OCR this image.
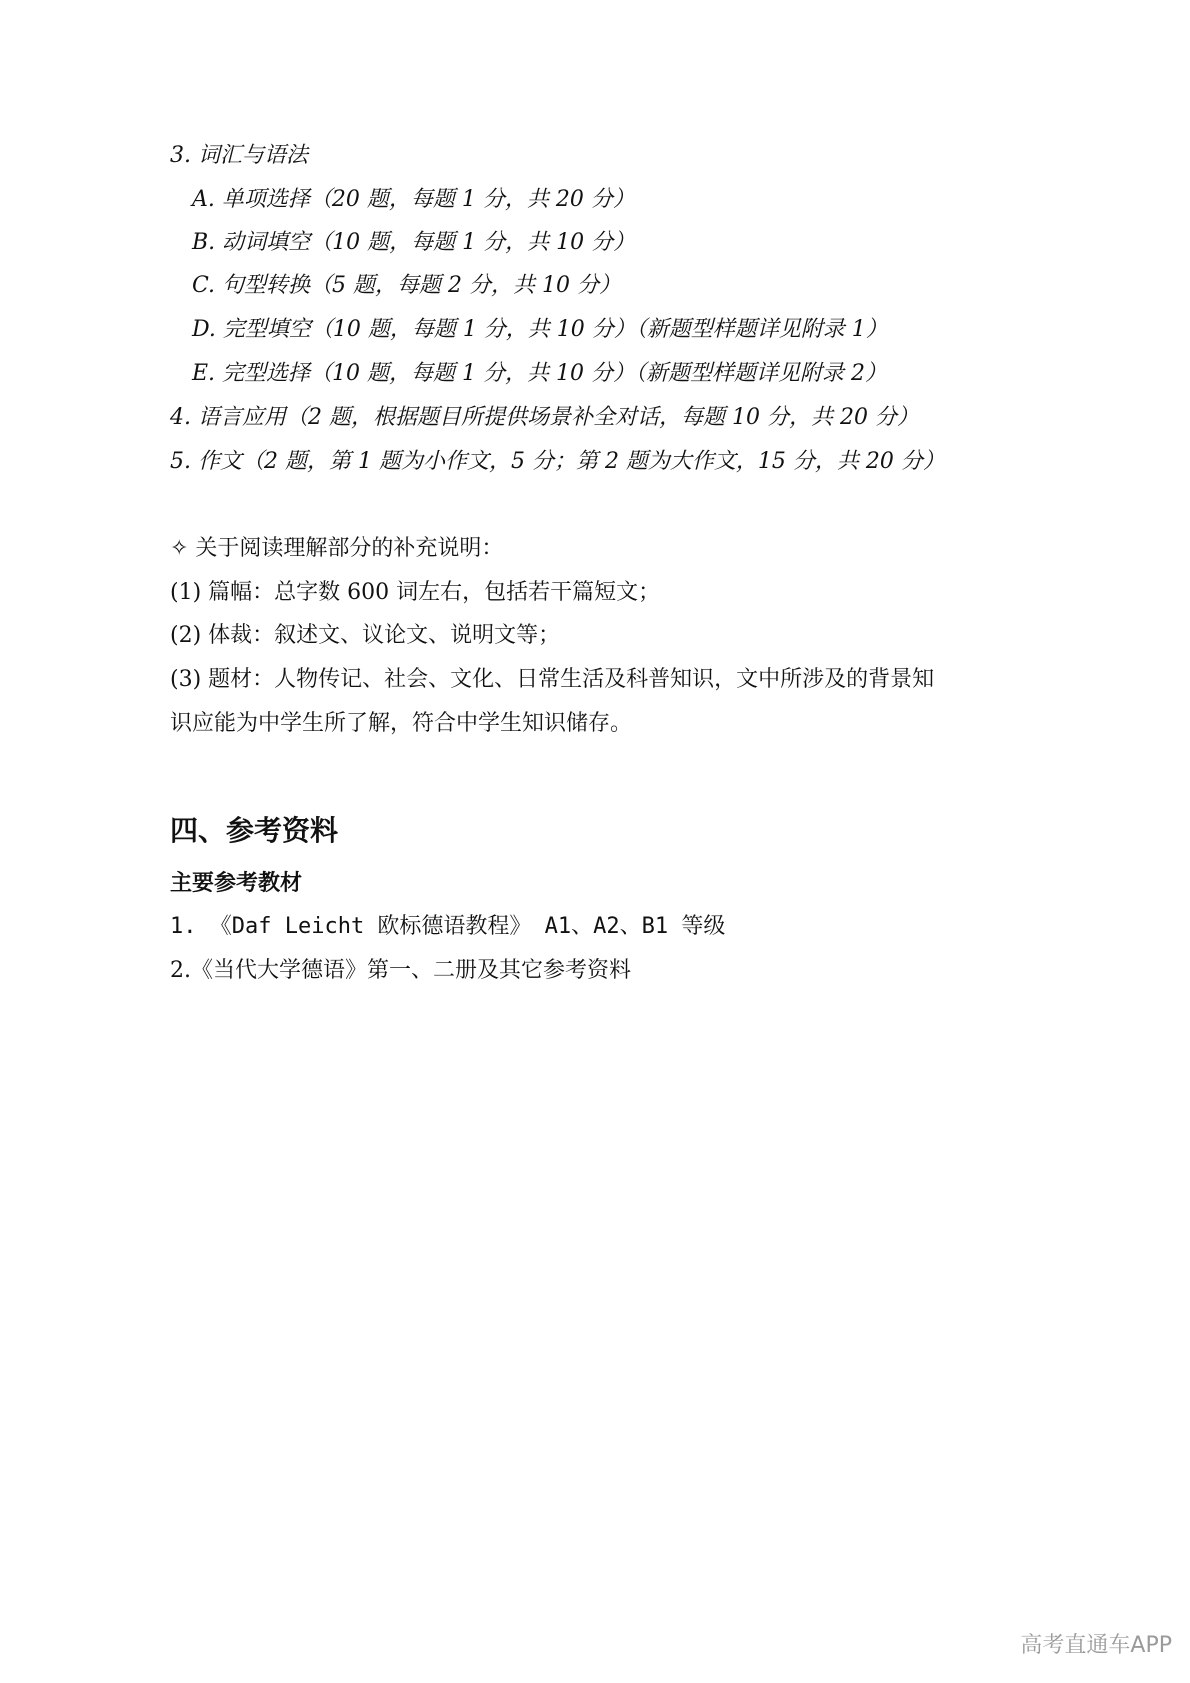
3. 词汇与语法
A. 单项选择（20 题，每题 1 分，共 20 分）
B. 动词填空（10 题，每题 1 分，共 10 分）
C. 句型转换（5 题，每题 2 分，共 10 分）
D. 完型填空（10 题，每题 1 分，共 10 分）（新题型样题详见附录 1）
E. 完型选择（10 题，每题 1 分，共 10 分）（新题型样题详见附录 2）
4. 语言应用（2 题，根据题目所提供场景补全对话，每题 10 分，共 20 分）
5. 作文（2 题，第 1 题为小作文，5 分；第 2 题为大作文，15 分，共 20 分）
✧ 关于阅读理解部分的补充说明：
(1) 篇幅：总字数 600 词左右，包括若干篇短文；
(2) 体裁：叙述文、议论文、说明文等；
(3) 题材：人物传记、社会、文化、日常生活及科普知识，文中所涉及的背景知
识应能为中学生所了解，符合中学生知识储存。
四、参考资料
主要参考教材
1. 《Daf Leicht 欧标德语教程》 A1、A2、B1 等级
2.《当代大学德语》第一、二册及其它参考资料
高考直通车APP
